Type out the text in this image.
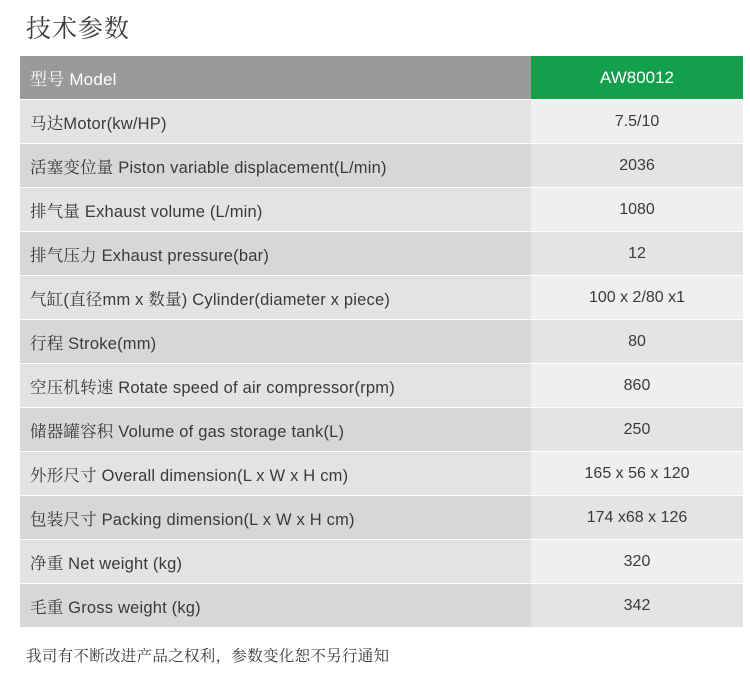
技术参数
型号 Model	AW80012
马达Motor(kw/HP)	7.5/10
活塞变位量 Piston variable displacement(L/min)	2036
排气量 Exhaust volume (L/min)	1080
排气压力 Exhaust pressure(bar)	12
气缸(直径mm x 数量) Cylinder(diameter x piece)	100 x 2/80 x1
行程 Stroke(mm)	80
空压机转速 Rotate speed of air compressor(rpm)	860
储器罐容积 Volume of gas storage tank(L)	250
外形尺寸 Overall dimension(L x W x H cm)	165 x 56 x 120
包装尺寸 Packing dimension(L x W x H cm)	174 x68 x 126
净重 Net weight (kg)	320
毛重 Gross weight (kg)	342
我司有不断改进产品之权利，参数变化恕不另行通知
